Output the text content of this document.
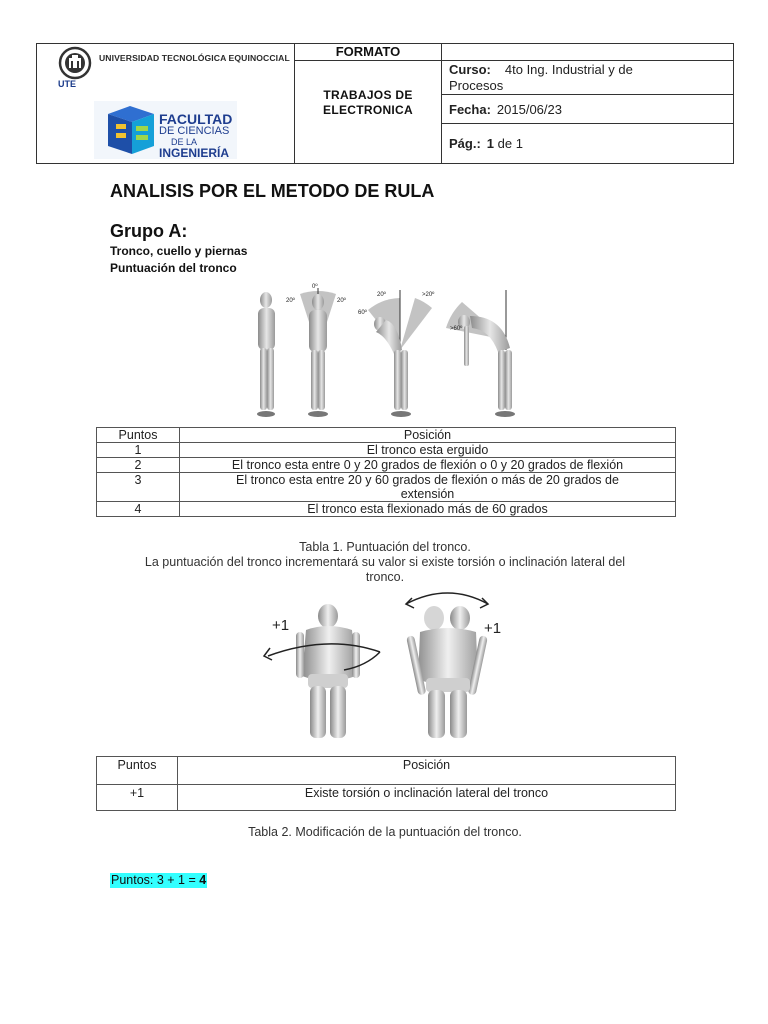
UTE
UNIVERSIDAD TECNOLÓGICA EQUINOCCIAL
FACULTAD
DE CIENCIAS
DE LA
INGENIERÍA
FORMATO
TRABAJOS DE
ELECTRONICA
Curso: 4to Ing. Industrial y de
Procesos
Fecha: 2015/06/23
Pág.: 1 de 1
ANALISIS POR EL METODO DE RULA
Grupo A:
Tronco, cuello y piernas
Puntuación del tronco
0º
20º	20º
20º
60º
>20º
>60º
Puntos	Posición
1	El tronco esta erguido
2	El tronco esta entre 0 y 20 grados de flexión o 0 y 20 grados de flexión
3	El tronco esta entre 20 y 60 grados de flexión o más de 20 grados de
extensión

4	El tronco esta flexionado más de 60 grados
Tabla 1. Puntuación del tronco.
La puntuación del tronco incrementará su valor si existe torsión o inclinación lateral del
tronco.
+1	+1
Puntos	Posición
+1	Existe torsión o inclinación lateral del tronco
Tabla 2. Modificación de la puntuación del tronco.
Puntos: 3 + 1 = 4
